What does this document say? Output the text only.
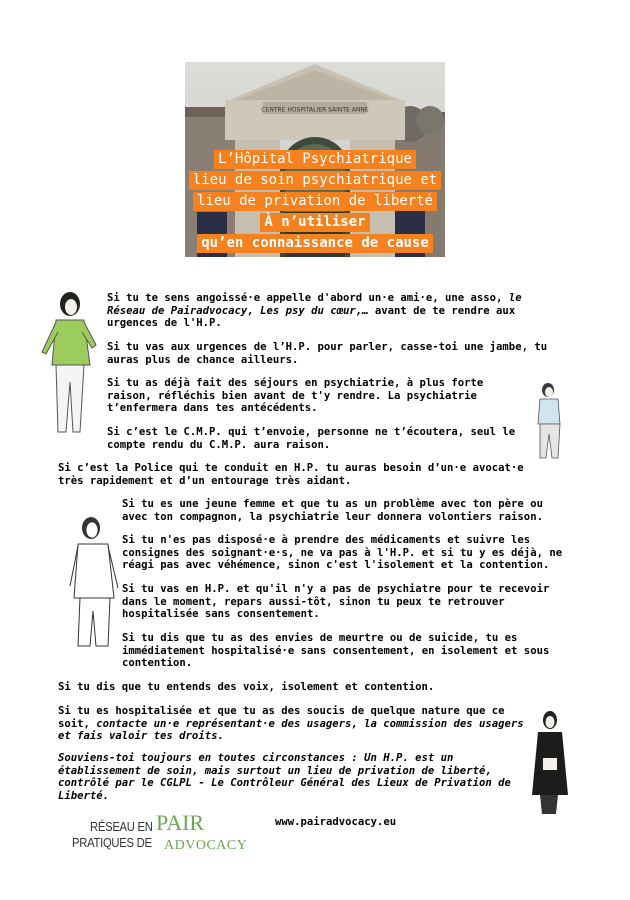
CENTRE HOSPITALIER SAINTE ANNE
L’Hôpital Psychiatrique
lieu de soin psychiatrique et
lieu de privation de liberté
À n’utiliser
qu’en connaissance de cause

Si tu te sens angoissé·e appelle d'abord un·e ami·e, une asso, le Réseau de Pairadvocacy, Les psy du cœur,… avant de te rendre aux urgences de l'H.P.

Si tu vas aux urgences de l’H.P. pour parler, casse-toi une jambe, tu auras plus de chance ailleurs.

Si tu as déjà fait des séjours en psychiatrie, à plus forte raison, réfléchis bien avant de t'y rendre. La psychiatrie t’enfermera dans tes antécédents.

Si c’est le C.M.P. qui t’envoie, personne ne t’écoutera, seul le compte rendu du C.M.P. aura raison.

Si c’est la Police qui te conduit en H.P. tu auras besoin d’un·e avocat·e très rapidement et d’un entourage très aidant.

Si tu es une jeune femme et que tu as un problème avec ton père ou avec ton compagnon, la psychiatrie leur donnera volontiers raison.

Si tu n'es pas disposé·e à prendre des médicaments et suivre les consignes des soignant·e·s, ne va pas à l'H.P. et si tu y es déjà, ne réagi pas avec véhémence, sinon c'est l'isolement et la contention.

Si tu vas en H.P. et qu'il n'y a pas de psychiatre pour te recevoir dans le moment, repars aussi-tôt, sinon tu peux te retrouver hospitalisée sans consentement.

Si tu dis que tu as des envies de meurtre ou de suicide, tu es immédiatement hospitalisé·e sans consentement, en isolement et sous contention.

Si tu dis que tu entends des voix, isolement et contention.

Si tu es hospitalisée et que tu as des soucis de quelque nature que ce soit, contacte un·e représentant·e des usagers, la commission des usagers et fais valoir tes droits.

Souviens-toi toujours en toutes circonstances : Un H.P. est un établissement de soin, mais surtout un lieu de privation de liberté, contrôlé par le CGLPL - Le Contrôleur Général des Lieux de Privation de Liberté.

RÉSEAU EN
PRATIQUES DE
PAIR
ADVOCACY
www.pairadvocacy.eu
